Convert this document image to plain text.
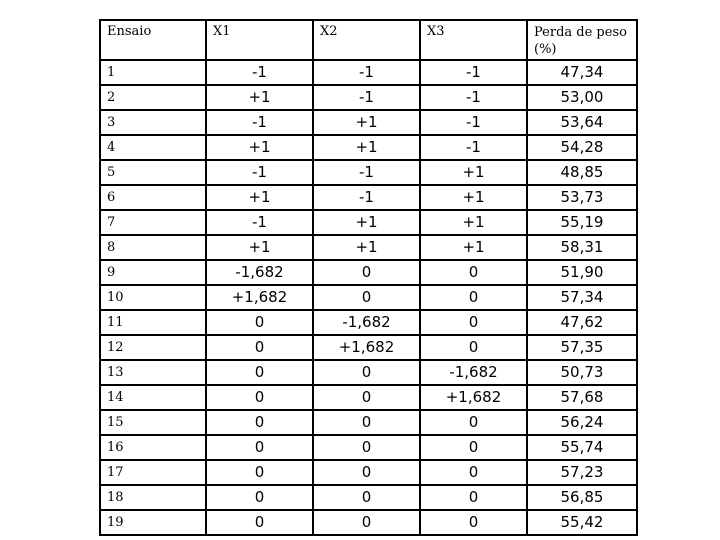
Ensaio	X1	X2	X3	Perda de peso (%)
1	-1	-1	-1	47,34
2	+1	-1	-1	53,00
3	-1	+1	-1	53,64
4	+1	+1	-1	54,28
5	-1	-1	+1	48,85
6	+1	-1	+1	53,73
7	-1	+1	+1	55,19
8	+1	+1	+1	58,31
9	-1,682	0	0	51,90
10	+1,682	0	0	57,34
11	0	-1,682	0	47,62
12	0	+1,682	0	57,35
13	0	0	-1,682	50,73
14	0	0	+1,682	57,68
15	0	0	0	56,24
16	0	0	0	55,74
17	0	0	0	57,23
18	0	0	0	56,85
19	0	0	0	55,42
